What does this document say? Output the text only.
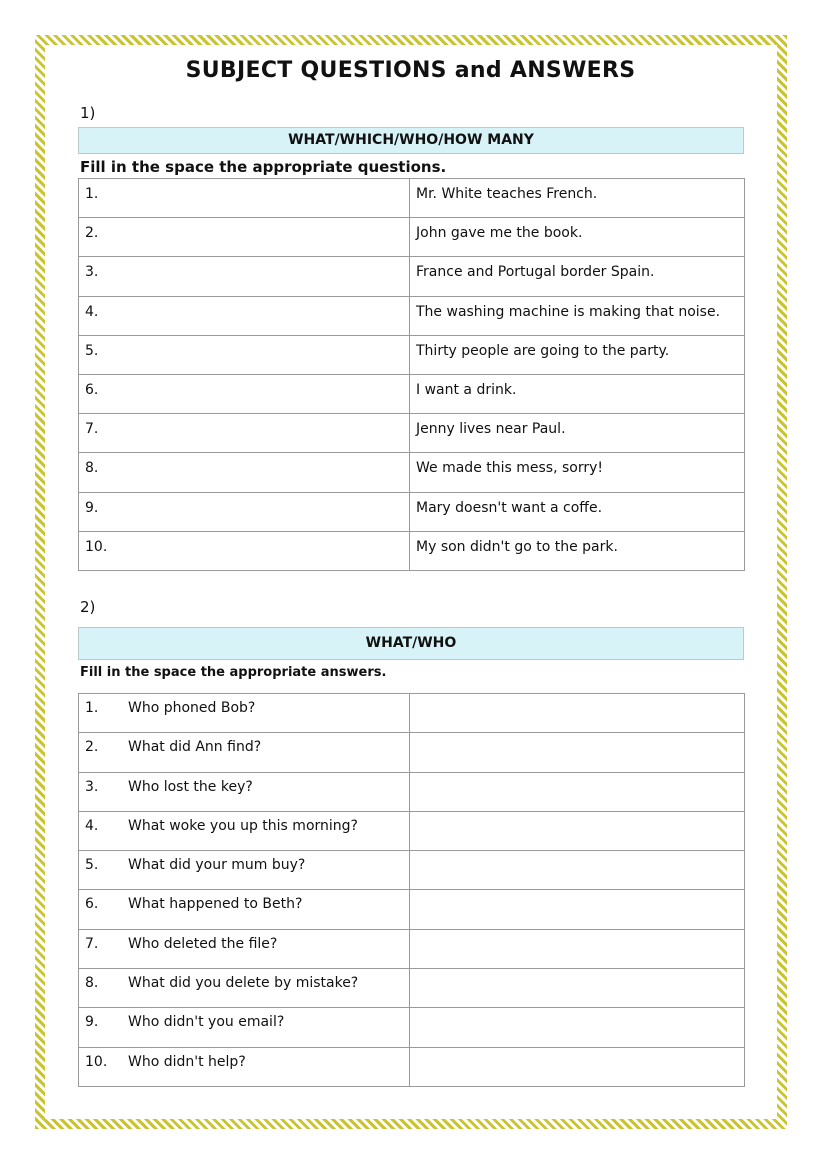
SUBJECT QUESTIONS and ANSWERS
1)
WHAT/WHICH/WHO/HOW MANY
Fill in the space the appropriate questions.
1.	Mr. White teaches French.
2.	John gave me the book.
3.	France and Portugal border Spain.
4.	The washing machine is making that noise.
5.	Thirty people are going to the party.
6.	I want a drink.
7.	Jenny lives near Paul.
8.	We made this mess, sorry!
9.	Mary doesn't want a coffe.
10.	My son didn't go to the park.
2)
WHAT/WHO
Fill in the space the appropriate answers.
1. Who phoned Bob?	
2. What did Ann find?	
3. Who lost the key?	
4. What woke you up this morning?	
5. What did your mum buy?	
6. What happened to Beth?	
7. Who deleted the file?	
8. What did you delete by mistake?	
9. Who didn't you email?	
10. Who didn't help?	
